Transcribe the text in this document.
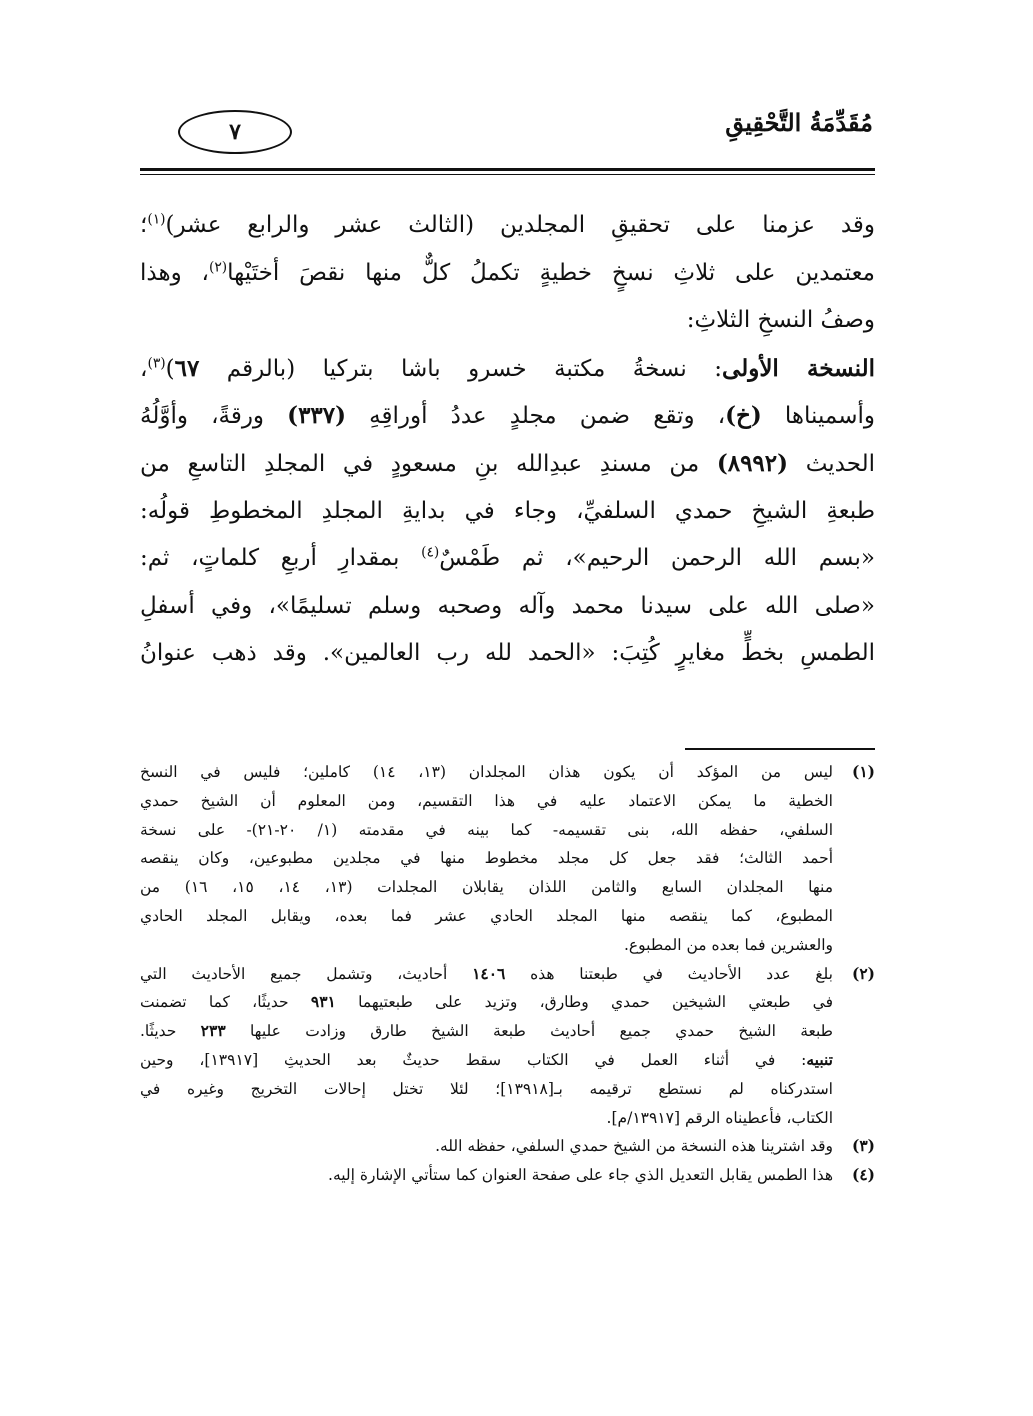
مُقَدِّمَةُ التَّحْقِيقِ
٧
وقد عزمنا على تحقيقِ المجلدين (الثالث عشر والرابع عشر)$^{(١)}$؛
معتمدين على ثلاثِ نسخٍ خطيةٍ تكملُ كلٌّ منها نقصَ أختَيْها$^{(٢)}$، وهذا
وصفُ النسخِ الثلاثِ:
النسخة الأولى: نسخةُ مكتبة خسرو باشا بتركيا (بالرقم ٦٧)$^{(٣)}$،
وأسميناها (خ)، وتقع ضمن مجلدٍ عددُ أوراقِهِ (٣٣٧) ورقةً، وأوَّلُهُ
الحديث (٨٩٩٢) من مسندِ عبدِالله بنِ مسعودٍ في المجلدِ التاسعِ من
طبعةِ الشيخِ حمدي السلفيِّ، وجاء في بدايةِ المجلدِ المخطوطِ قولُه:
«بسم الله الرحمن الرحيم»، ثم طَمْسٌ$^{(٤)}$ بمقدارِ أربعِ كلماتٍ، ثم:
«صلى الله على سيدنا محمد وآله وصحبه وسلم تسليمًا»، وفي أسفلِ
الطمسِ بخطٍّ مغايرٍ كُتِبَ: «الحمد لله رب العالمين». وقد ذهب عنوانُ
(١)ليس من المؤكد أن يكون هذان المجلدان (١٣، ١٤) كاملين؛ فليس في النسخ
الخطية ما يمكن الاعتماد عليه في هذا التقسيم، ومن المعلوم أن الشيخ حمدي
السلفي، حفظه الله، بنى تقسيمه- كما بينه في مقدمته (١/ ٢٠-٢١)- على نسخة
أحمد الثالث؛ فقد جعل كل مجلد مخطوط منها في مجلدين مطبوعين، وكان ينقصه
منها المجلدان السابع والثامن اللذان يقابلان المجلدات (١٣، ١٤، ١٥، ١٦) من
المطبوع، كما ينقصه منها المجلد الحادي عشر فما بعده، ويقابل المجلد الحادي
والعشرين فما بعده من المطبوع.
(٢)بلغ عدد الأحاديث في طبعتنا هذه ١٤٠٦ أحاديث، وتشمل جميع الأحاديث التي
في طبعتي الشيخين حمدي وطارق، وتزيد على طبعتيهما ٩٣١ حديثًا، كما تضمنت
طبعة الشيخ حمدي جميع أحاديث طبعة الشيخ طارق وزادت عليها ٢٣٣ حديثًا.
تنبيه: في أثناء العمل في الكتاب سقط حديثٌ بعد الحديثِ [١٣٩١٧]، وحين
استدركناه لم نستطع ترقيمه بـ[١٣٩١٨]؛ لئلا تختل إحالات التخريج وغيره في
الكتاب، فأعطيناه الرقم [١٣٩١٧/م].
(٣)وقد اشترينا هذه النسخة من الشيخ حمدي السلفي، حفظه الله.
(٤)هذا الطمس يقابل التعديل الذي جاء على صفحة العنوان كما ستأتي الإشارة إليه.
